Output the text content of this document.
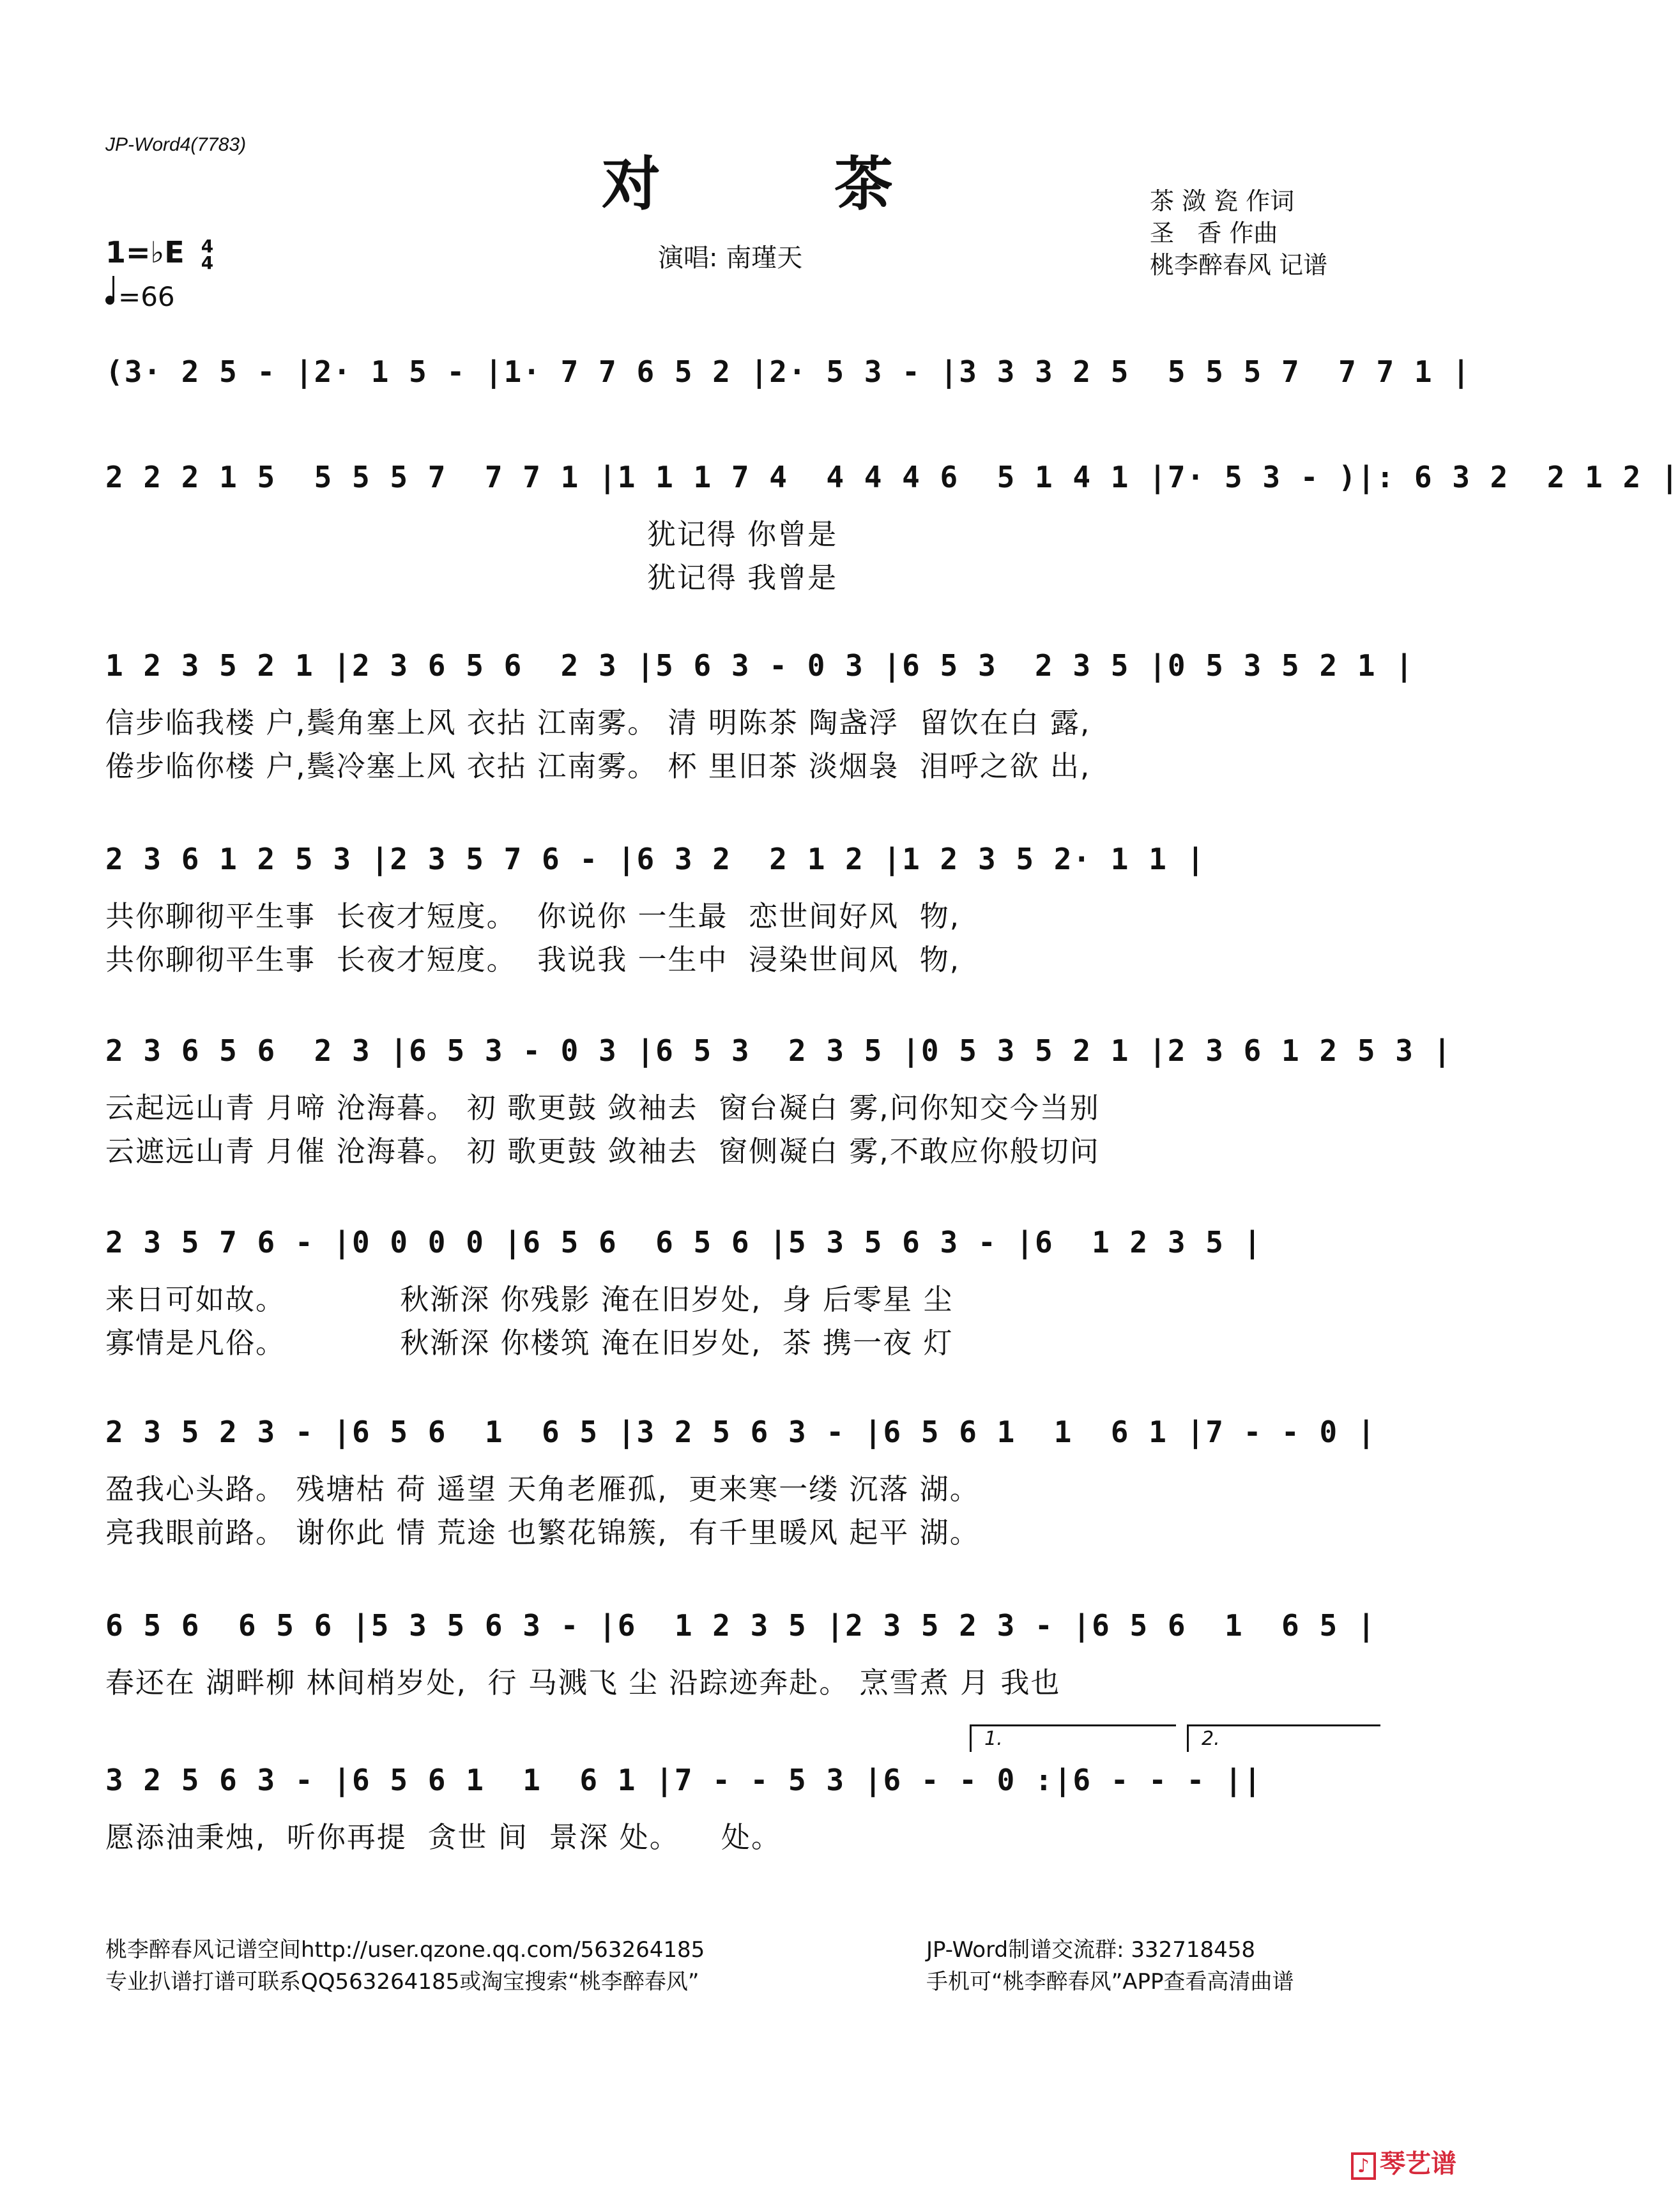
JP-Word4(7783)
对 茶
演唱: 南瑾天
茶 潋 瓷 作词
圣   香 作曲
桃李醉春风 记谱
1=♭E 4
4
=66
(3· 2 5 - |2· 1 5 - |1· 7 7 6 5 2 |2· 5 3 - |3 3 3 2 5  5 5 5 7  7 7 1 |
2 2 2 1 5  5 5 5 7  7 7 1 |1 1 1 7 4  4 4 4 6  5 1 4 1 |7· 5 3 - )|: 6 3 2  2 1 2 |
犹记得 你曾是
犹记得 我曾是
1 2 3 5 2 1 |2 3 6 5 6  2 3 |5 6 3 - 0 3 |6 5 3  2 3 5 |0 5 3 5 2 1 |
信步临我楼 户,鬓角塞上风 衣拈 江南雾。 清 明陈茶 陶盏浮  留饮在白 露,
倦步临你楼 户,鬓冷塞上风 衣拈 江南雾。 杯 里旧茶 淡烟袅  泪呼之欲 出,
2 3 6 1 2 5 3 |2 3 5 7 6 - |6 3 2  2 1 2 |1 2 3 5 2· 1 1 |
共你聊彻平生事  长夜才短度。  你说你 一生最  恋世间好风  物,
共你聊彻平生事  长夜才短度。  我说我 一生中  浸染世间风  物,
2 3 6 5 6  2 3 |6 5 3 - 0 3 |6 5 3  2 3 5 |0 5 3 5 2 1 |2 3 6 1 2 5 3 |
云起远山青 月啼 沧海暮。 初 歌更鼓 敛袖去  窗台凝白 雾,问你知交今当别
云遮远山青 月催 沧海暮。 初 歌更鼓 敛袖去  窗侧凝白 雾,不敢应你般切问
2 3 5 7 6 - |0 0 0 0 |6 5 6  6 5 6 |5 3 5 6 3 - |6  1 2 3 5 |
来日可如故。           秋渐深 你残影 淹在旧岁处,  身 后零星 尘
寡情是凡俗。           秋渐深 你楼筑 淹在旧岁处,  茶 携一夜 灯
2 3 5 2 3 - |6 5 6  1  6 5 |3 2 5 6 3 - |6 5 6 1  1  6 1 |7 - - 0 |
盈我心头路。 残塘枯 荷 遥望 天角老雁孤,  更来寒一缕 沉落 湖。
亮我眼前路。 谢你此 情 荒途 也繁花锦簇,  有千里暖风 起平 湖。
6 5 6  6 5 6 |5 3 5 6 3 - |6  1 2 3 5 |2 3 5 2 3 - |6 5 6  1  6 5 |
春还在 湖畔柳 林间梢岁处,  行 马溅飞 尘 沿踪迹奔赴。 烹雪煮 月 我也
1.	2.
3 2 5 6 3 - |6 5 6 1  1  6 1 |7 - - 5 3 |6 - - 0 :|6 - - - ||
愿添油秉烛,  听你再提  贪世 间  景深 处。    处。
桃李醉春风记谱空间http://user.qzone.qq.com/563264185
专业扒谱打谱可联系QQ563264185或淘宝搜索“桃李醉春风”
JP-Word制谱交流群: 332718458
手机可“桃李醉春风”APP查看高清曲谱
♪ 琴艺谱
